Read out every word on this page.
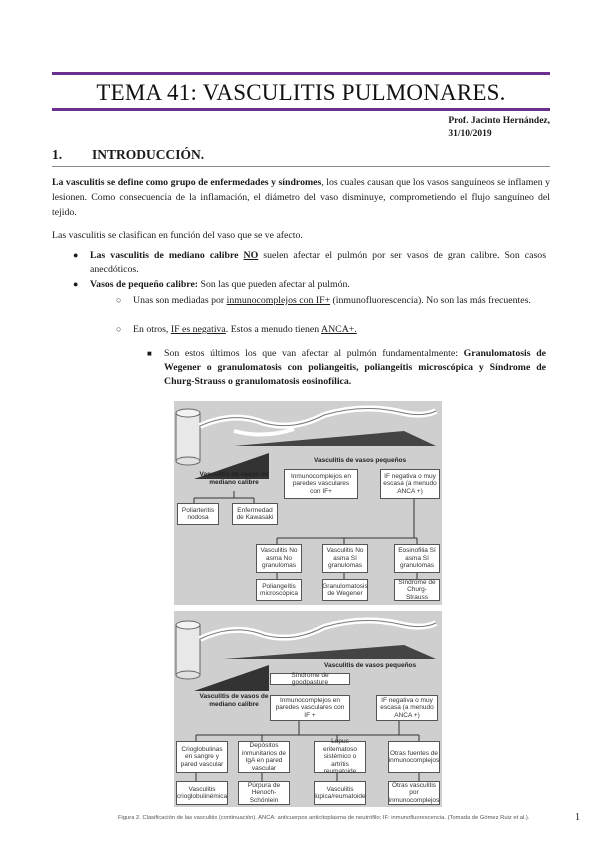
TEMA 41: VASCULITIS PULMONARES.
Prof. Jacinto Hernández,
31/10/2019
1. INTRODUCCIÓN.
La vasculitis se define como grupo de enfermedades y síndromes, los cuales causan que los vasos sanguíneos se inflamen y lesionen. Como consecuencia de la inflamación, el diámetro del vaso disminuye, comprometiendo el flujo sanguíneo del tejido.
Las vasculitis se clasifican en función del vaso que se ve afecto.
● Las vasculitis de mediano calibre NO suelen afectar el pulmón por ser vasos de gran calibre. Son casos anecdóticos.
● Vasos de pequeño calibre: Son las que pueden afectar al pulmón.
○ Unas son mediadas por inmunocomplejos con IF+ (inmunofluorescencia). No son las más frecuentes.
○ En otros, IF es negativa. Estos a menudo tienen ANCA+.
■ Son estos últimos los que van afectar al pulmón fundamentalmente: Granulomatosis de Wegener o granulomatosis con poliangeitis, poliangeitis microscópica y Síndrome de Churg-Strauss o granulomatosis eosinofílica.
Vasculitis de vasos pequeños
Vasculitis de vasos de mediano calibre
Inmunocomplejos en paredes vasculares con IF+
IF negativa o muy escasa (a menudo ANCA +)
Poliarteritis nodosa
Enfermedad de Kawasaki
Vasculitis No asma No granulomas
Vasculitis No asma Sí granulomas
Eosinofilia Sí asma Sí granulomas
Poliangeítis microscópica
Granulomatosis de Wegener
Síndrome de Churg-Strauss
Vasculitis de vasos pequeños
Síndrome de goodpasture
Vasculitis de vasos de mediano calibre
Inmunocomplejos en paredes vasculares con IF +
IF negativa o muy escasa (a menudo ANCA +)
Crioglobulinas en sangre y pared vascular
Depósitos inmunitarios de IgA en pared vascular
Lupus eritematoso sistémico o artritis reumatoide
Otras fuentes de inmunocomplejos
Vasculitis crioglobulinémica
Púrpura de Henoch-Schönlein
Vasculitis lúpica/reumatoide
Otras vasculitis por inmunocomplejos
Figura 2. Clasificación de las vasculitis (continuación). ANCA: anticuerpos anticitoplasma de neutrófilo; IF: inmunofluorescencia. (Tomada de Gómez Ruiz et al.).	1
